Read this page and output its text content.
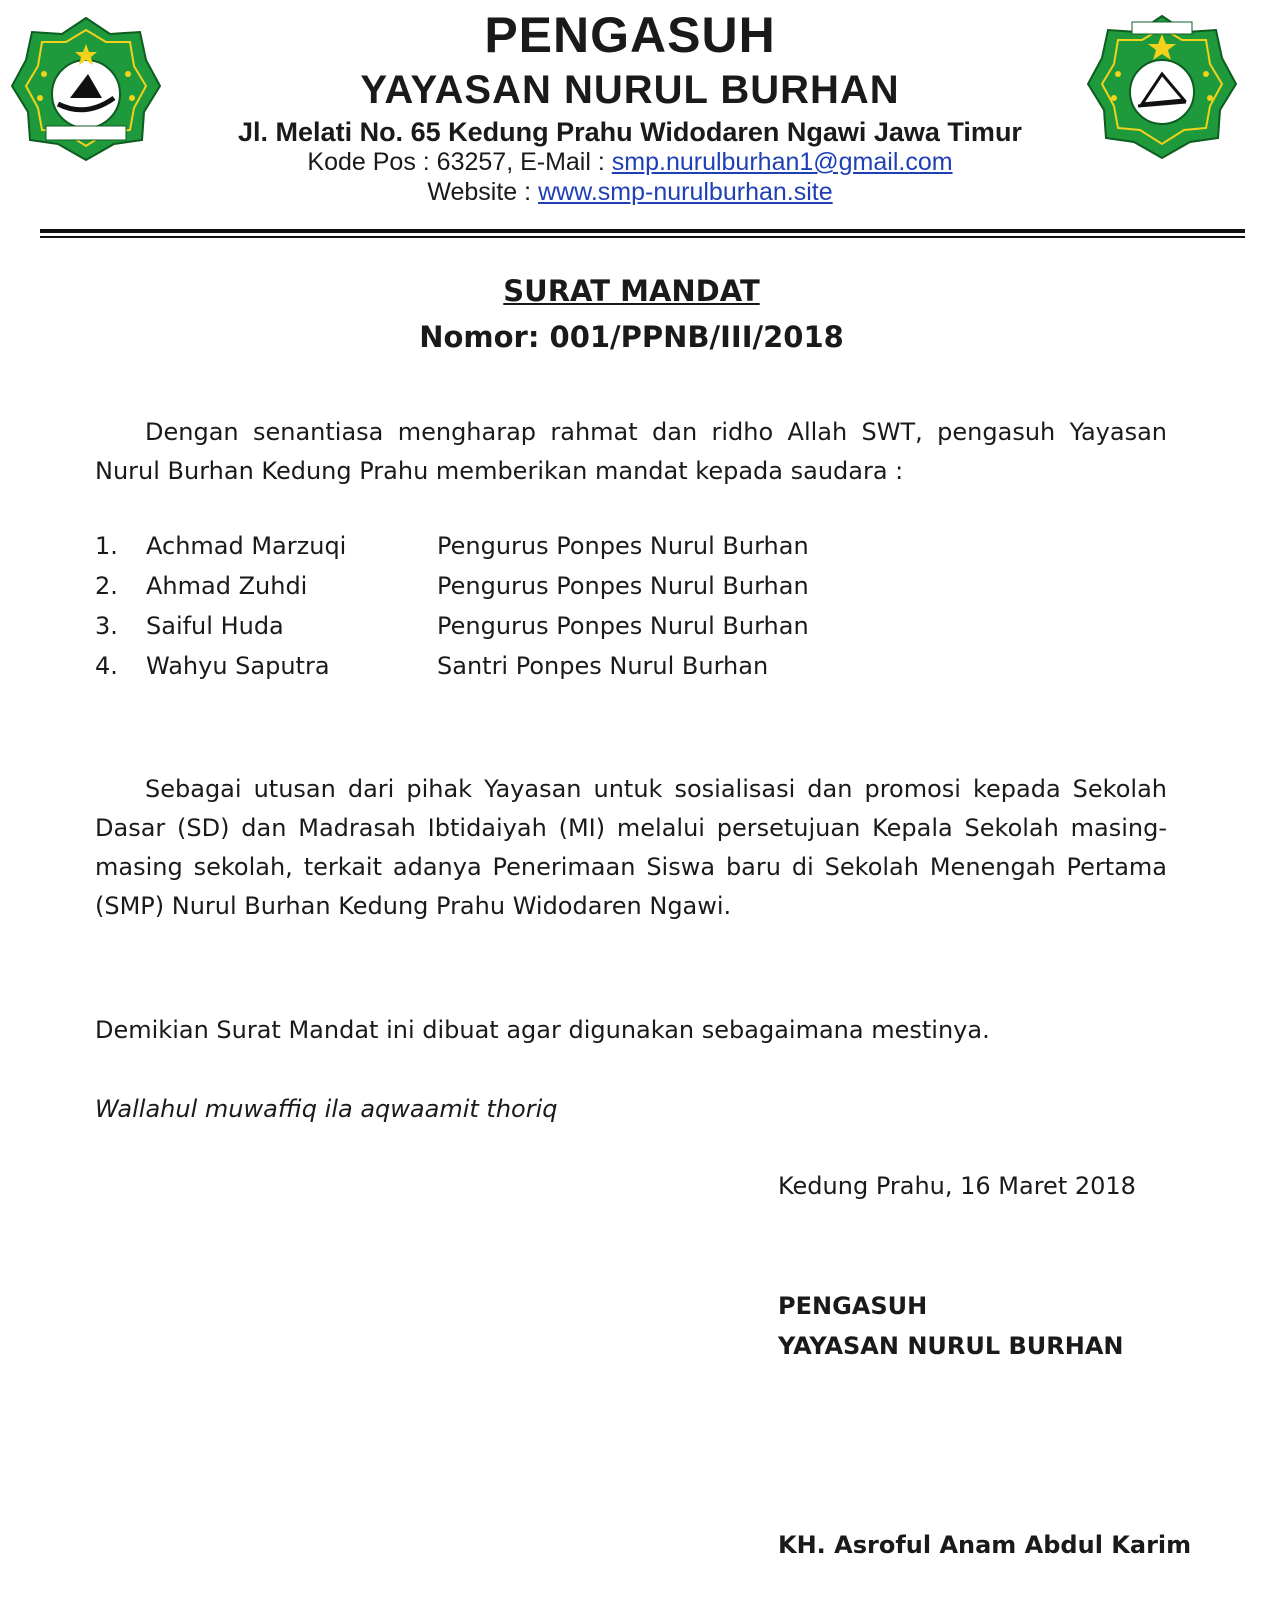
PENGASUH
YAYASAN NURUL BURHAN
Jl. Melati No. 65 Kedung Prahu Widodaren Ngawi Jawa Timur
Kode Pos : 63257, E-Mail : smp.nurulburhan1@gmail.com
Website : www.smp-nurulburhan.site
SURAT MANDAT
Nomor: 001/PPNB/III/2018
Dengan senantiasa mengharap rahmat dan ridho Allah SWT, pengasuh Yayasan Nurul Burhan Kedung Prahu memberikan mandat kepada saudara :
1. Achmad Marzuqi	Pengurus Ponpes Nurul Burhan
2. Ahmad Zuhdi	Pengurus Ponpes Nurul Burhan
3. Saiful Huda	Pengurus Ponpes Nurul Burhan
4. Wahyu Saputra	Santri Ponpes Nurul Burhan
Sebagai utusan dari pihak Yayasan untuk sosialisasi dan promosi kepada Sekolah Dasar (SD) dan Madrasah Ibtidaiyah (MI) melalui persetujuan Kepala Sekolah masing-masing sekolah, terkait adanya Penerimaan Siswa baru di Sekolah Menengah Pertama (SMP) Nurul Burhan Kedung Prahu Widodaren Ngawi.
Demikian Surat Mandat ini dibuat agar digunakan sebagaimana mestinya.
Wallahul muwaffiq ila aqwaamit thoriq
Kedung Prahu, 16 Maret 2018
PENGASUH
YAYASAN NURUL BURHAN
KH. Asroful Anam Abdul Karim
